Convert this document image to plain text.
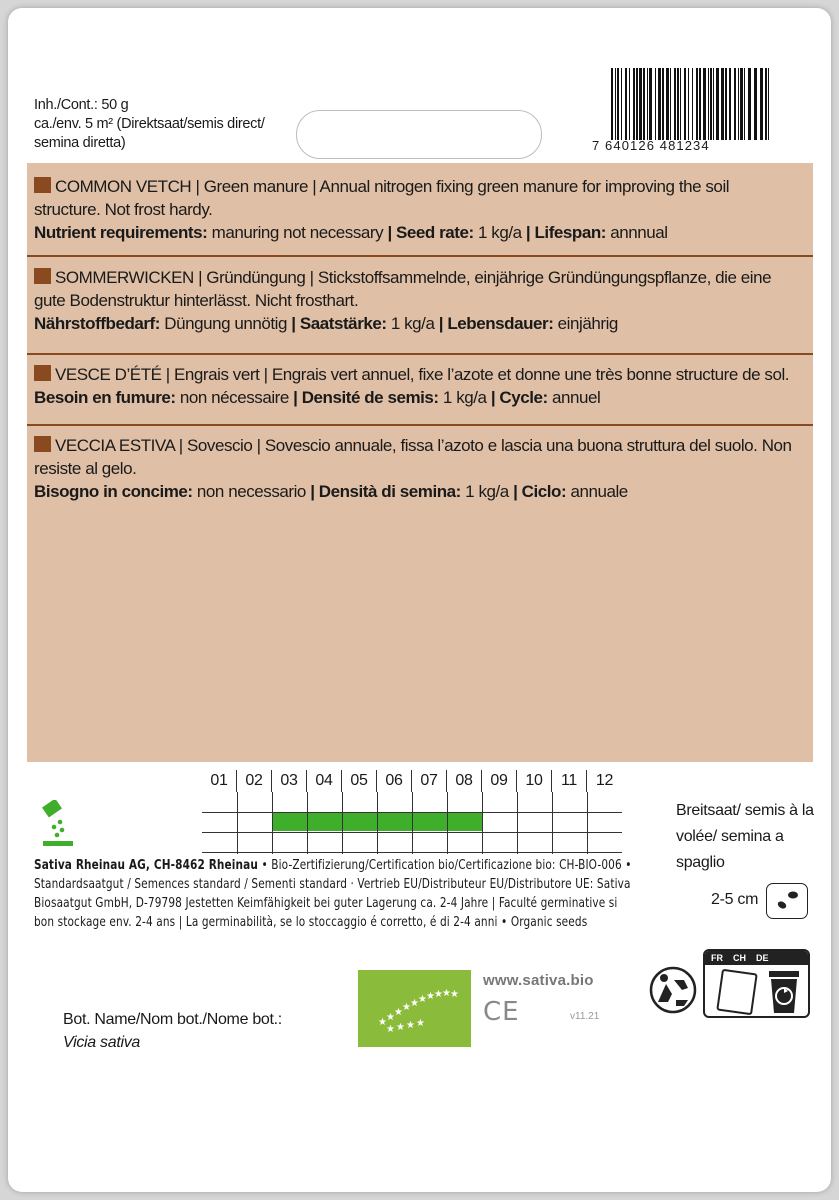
Inh./Cont.: 50 g
ca./env. 5 m² (Direktsaat/semis direct/
semina diretta)	7 640126 481234
COMMON VETCH | Green manure | Annual nitrogen fixing green manure for improving the soil structure. Not frost hardy.
Nutrient requirements: manuring not necessary | Seed rate: 1 kg/a | Lifespan: annnual
SOMMERWICKEN | Gründüngung | Stickstoffsammelnde, einjährige Gründüngungspflanze, die eine gute Bodenstruktur hinterlässt. Nicht frosthart.
Nährstoffbedarf: Düngung unnötig | Saatstärke: 1 kg/a | Lebensdauer: einjährig
VESCE D’ÉTÉ | Engrais vert | Engrais vert annuel, fixe l’azote et donne une très bonne structure de sol.
Besoin en fumure: non nécessaire | Densité de semis: 1 kg/a | Cycle: annuel
VECCIA ESTIVA | Sovescio | Sovescio annuale, fissa l’azoto e lascia una buona struttura del suolo. Non resiste al gelo.
Bisogno in concime: non necessario | Densità di semina: 1 kg/a | Ciclo: annuale
01	02	03	04	05	06	07	08	09	10	11	12
Breitsaat/ semis à la volée/ semina a spaglio
2-5 cm
Sativa Rheinau AG, CH-8462 Rheinau • Bio-Zertifizierung/Certification bio/Certificazione bio: CH-BIO-006 • Standardsaatgut / Semences standard / Sementi standard · Vertrieb EU/Distributeur EU/Distributore UE: Sativa Biosaatgut GmbH, D-79798 Jestetten Keimfähigkeit bei guter Lagerung ca. 2-4 Jahre | Faculté germinative si bon stockage env. 2-4 ans | La germinabilità, se lo stoccaggio é corretto, é di 2-4 anni • Organic seeds
FR CH DE
Bot. Name/Nom bot./Nome bot.:
Vicia sativa
★ ★ ★ ★ ★ ★ ★ ★ ★ ★
★ ★ ★ ★
www.sativa.bio
CE	v11.21
